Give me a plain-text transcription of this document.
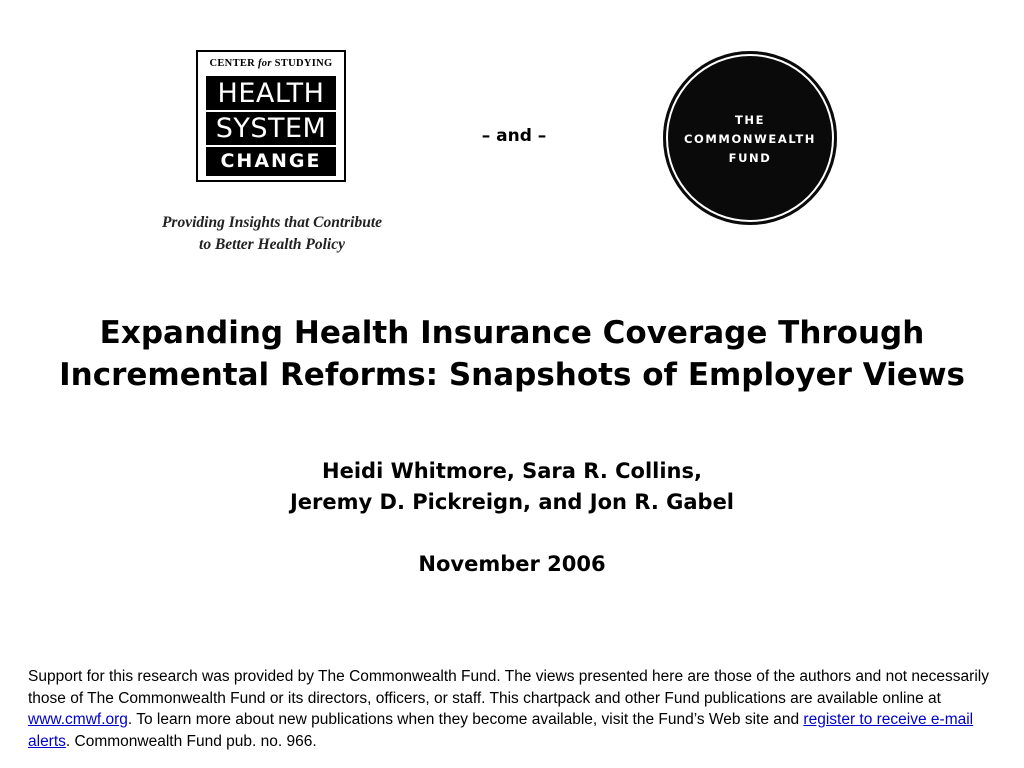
CENTER for STUDYING
HEALTH
SYSTEM
CHANGE
Providing Insights that Contribute
to Better Health Policy
– and –
THE
COMMONWEALTH
FUND
Expanding Health Insurance Coverage Through
Incremental Reforms: Snapshots of Employer Views
Heidi Whitmore, Sara R. Collins,
Jeremy D. Pickreign, and Jon R. Gabel
November 2006
Support for this research was provided by The Commonwealth Fund. The views presented here are those of the authors and not necessarily those of The Commonwealth Fund or its directors, officers, or staff. This chartpack and other Fund publications are available online at www.cmwf.org. To learn more about new publications when they become available, visit the Fund’s Web site and register to receive e-mail alerts. Commonwealth Fund pub. no. 966.
